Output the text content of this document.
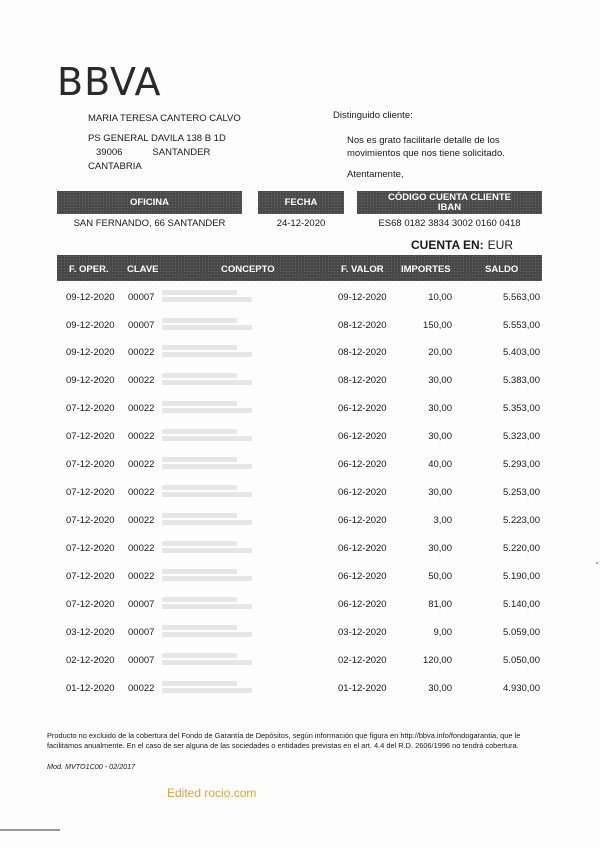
BBVA
MARIA TERESA CANTERO CALVO
PS GENERAL DAVILA 138 B 1D
39006	SANTANDER
CANTABRIA
Distinguido cliente:
Nos es grato facilitarle detalle de los
movimientos que nos tiene solicitado.
Atentamente,
OFICINA	FECHA	CÓDIGO CUENTA CLIENTE
IBAN
SAN FERNANDO, 66 SANTANDER	24-12-2020	ES68 0182 3834 3002 0160 0418
CUENTA EN: EUR
F. OPER. CLAVE	CONCEPTO	F. VALOR IMPORTES	SALDO
09-12-2020 00007	09-12-2020	10,00	5.563,00
09-12-2020 00007	08-12-2020	150,00	5.553,00
09-12-2020 00022	08-12-2020	20,00	5.403,00
09-12-2020 00022	08-12-2020	30,00	5.383,00
07-12-2020 00022	06-12-2020	30,00	5.353,00
07-12-2020 00022	06-12-2020	30,00	5.323,00
07-12-2020 00022	06-12-2020	40,00	5.293,00
07-12-2020 00022	06-12-2020	30,00	5.253,00
07-12-2020 00022	06-12-2020	3,00	5.223,00
07-12-2020 00022	06-12-2020	30,00	5.220,00
07-12-2020 00022	06-12-2020	50,00	5.190,00
07-12-2020 00007	06-12-2020	81,00	5.140,00
03-12-2020 00007	03-12-2020	9,00	5.059,00
02-12-2020 00007	02-12-2020	120,00	5.050,00
01-12-2020 00022	01-12-2020	30,00	4.930,00
Producto no excluido de la cobertura del Fondo de Garantía de Depósitos, según información que figura en http://bbva.info/fondogarantia, que le facilitamos anualmente. En el caso de ser alguna de las sociedades o entidades previstas en el art. 4.4 del R.D. 2606/1996 no tendrá cobertura.
Mod. MVTO1C00 - 02/2017
Edited rocio.com
